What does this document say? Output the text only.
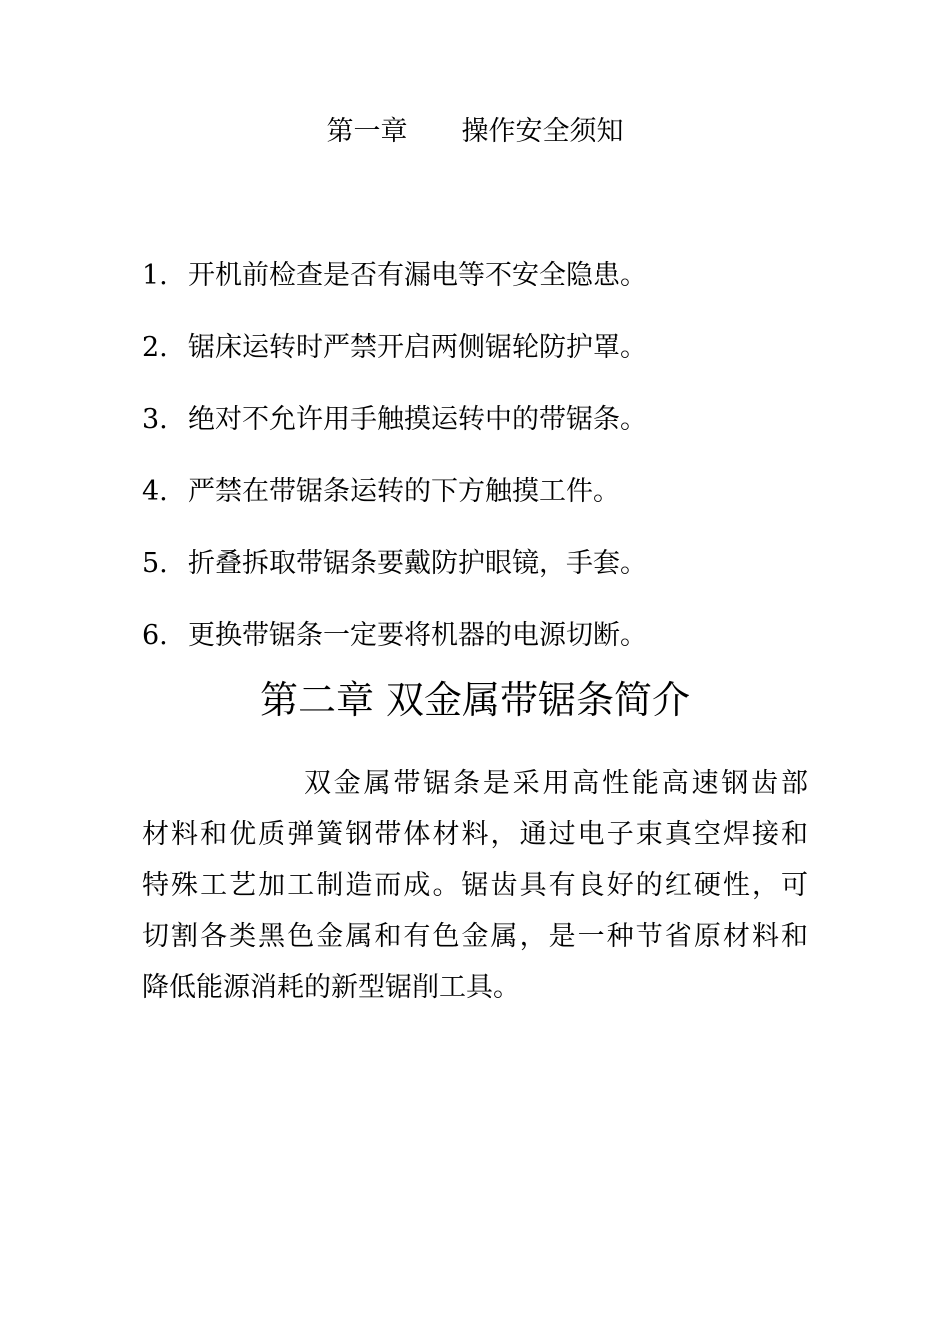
第一章　　操作安全须知
1. 开机前检查是否有漏电等不安全隐患。
2. 锯床运转时严禁开启两侧锯轮防护罩。
3. 绝对不允许用手触摸运转中的带锯条。
4. 严禁在带锯条运转的下方触摸工件。
5. 折叠拆取带锯条要戴防护眼镜，手套。
6. 更换带锯条一定要将机器的电源切断。
第二章 双金属带锯条简介
双金属带锯条是采用高性能高速钢齿部
材料和优质弹簧钢带体材料，通过电子束真空焊接和
特殊工艺加工制造而成。锯齿具有良好的红硬性，可
切割各类黑色金属和有色金属，是一种节省原材料和
降低能源消耗的新型锯削工具。
